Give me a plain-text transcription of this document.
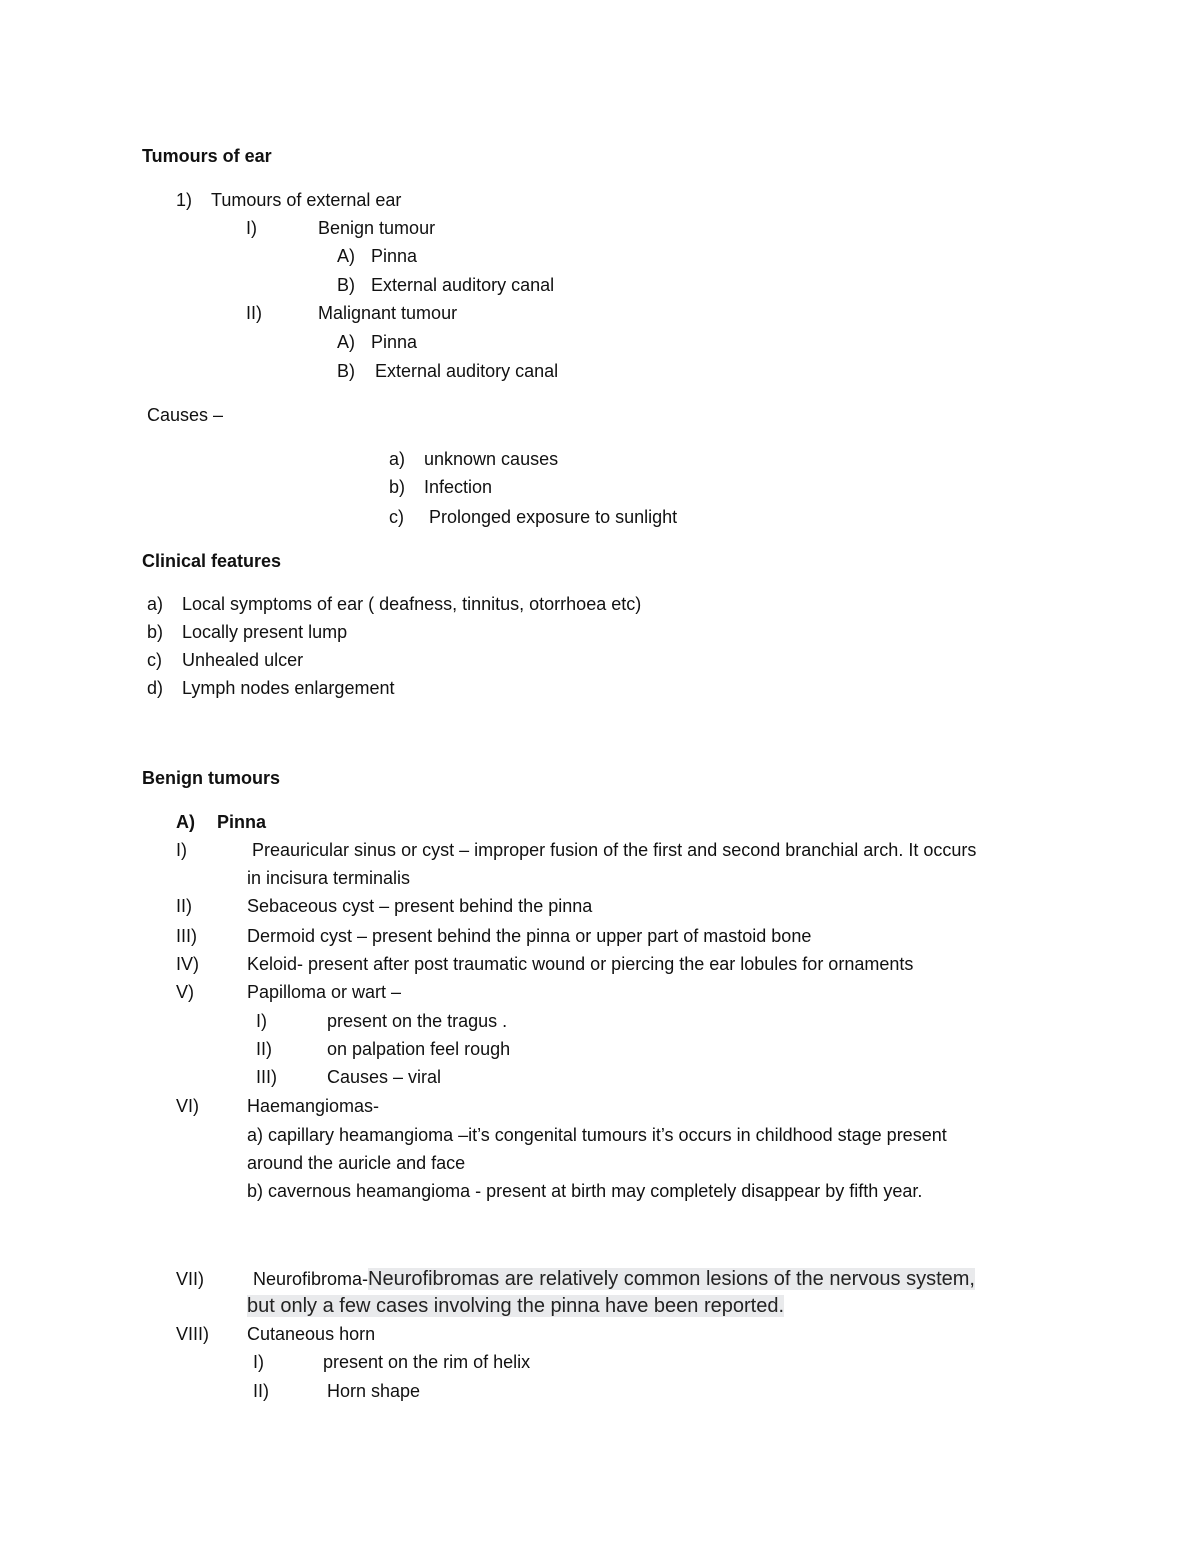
Tumours of ear
1) Tumours of external ear
I)	Benign tumour
A) Pinna
B) External auditory canal
II)	Malignant tumour
A) Pinna
B) External auditory canal
Causes –
a) unknown causes
b) Infection
c) Prolonged exposure to sunlight
Clinical features
a) Local symptoms of ear ( deafness, tinnitus, otorrhoea etc)
b) Locally present lump
c) Unhealed ulcer
d) Lymph nodes enlargement
Benign tumours
A) Pinna
I)	Preauricular sinus or cyst – improper fusion of the first and second branchial arch. It occurs
in incisura terminalis
II)	Sebaceous cyst – present behind the pinna
III)	Dermoid cyst – present behind the pinna or upper part of mastoid bone
IV)	Keloid- present after post traumatic wound or piercing the ear lobules for ornaments
V)	Papilloma or wart –
I)	present on the tragus .
II)	on palpation feel rough
III)	Causes – viral
VI)	Haemangiomas-
a) capillary heamangioma –it’s congenital tumours it’s occurs in childhood stage present
around the auricle and face
b) cavernous heamangioma - present at birth may completely disappear by fifth year.
VII)	Neurofibroma-Neurofibromas are relatively common lesions of the nervous system,
but only a few cases involving the pinna have been reported.
VIII) Cutaneous horn
I)	present on the rim of helix
II)	Horn shape
